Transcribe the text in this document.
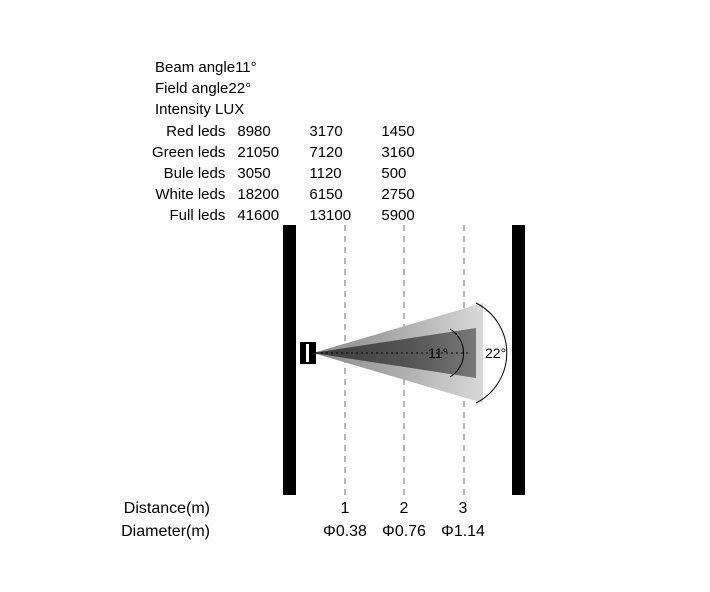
Beam angle11°
Field angle22°
Intensity LUX
Red leds	8980	3170	1450
Green leds	21050	7120	3160
Bule leds	3050	1120	500
White leds	18200	6150	2750
Full leds	41600	13100	5900
11°	22°
Distance(m)	1	2	3
Diameter(m)	Φ0.38 Φ0.76 Φ1.14
